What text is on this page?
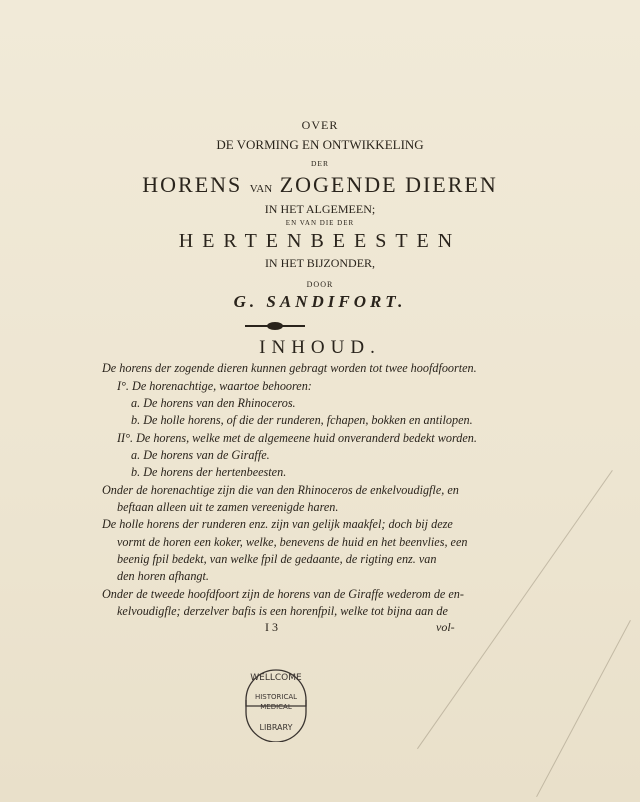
OVER
DE VORMING EN ONTWIKKELING
DER
HORENS VAN ZOGENDE DIEREN
IN HET ALGEMEEN;
EN VAN DIE DER
HERTENBEESTEN
IN HET BIJZONDER,
DOOR
G. SANDIFORT.
INHOUD.
De horens der zogende dieren kunnen gebragt worden tot twee hoofdfoorten.
I°. De horenachtige, waartoe behooren:
a. De horens van den Rhinoceros.
b. De holle horens, of die der runderen, fchapen, bokken en antilopen.
II°. De horens, welke met de algemeene huid onveranderd bedekt worden.
a. De horens van de Giraffe.
b. De horens der hertenbeesten.
Onder de horenachtige zijn die van den Rhinoceros de enkelvoudigfle, en
beftaan alleen uit te zamen vereenigde haren.
De holle horens der runderen enz. zijn van gelijk maakfel; doch bij deze
vormt de horen een koker, welke, benevens de huid en het beenvlies, een
beenig fpil bedekt, van welke fpil de gedaante, de rigting enz. van
den horen afhangt.
Onder de tweede hoofdfoort zijn de horens van de Giraffe wederom de en-
kelvoudigfle; derzelver bafis is een horenfpil, welke tot bijna aan de
I 3	vol-
WELLCOME
HISTORICAL
MEDICAL
LIBRARY
